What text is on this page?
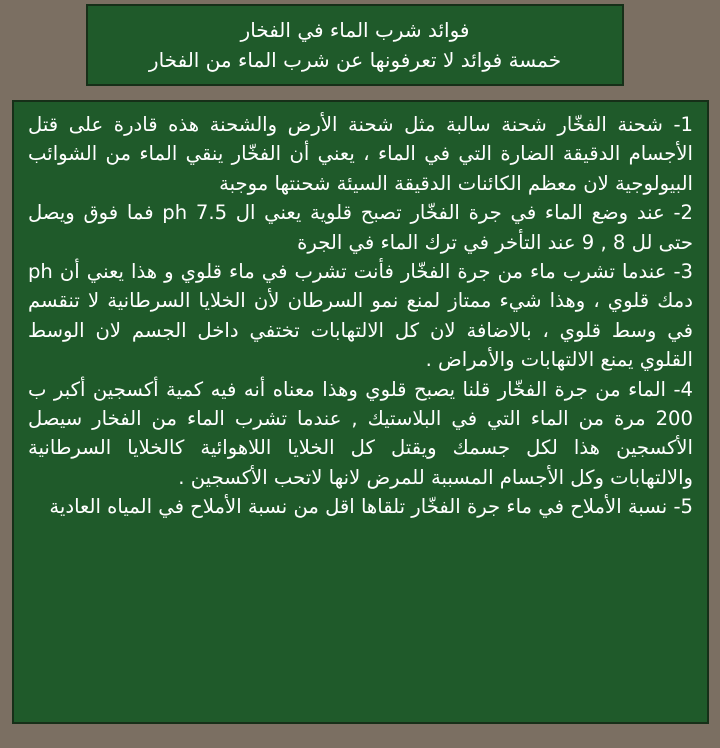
فوائد شرب الماء في الفخار
خمسة فوائد لا تعرفونها عن شرب الماء من الفخار

1- شحنة الفخّار شحنة سالبة مثل شحنة الأرض والشحنة هذه قادرة على قتل الأجسام الدقيقة الضارة التي في الماء ، يعني أن الفخّار ينقي الماء من الشوائب البيولوجية لان معظم الكائنات الدقيقة السيئة شحنتها موجبة

2- عند وضع الماء في جرة الفخّار تصبح قلوية يعني ال ph 7.5 فما فوق ويصل حتى لل 8 , 9 عند التأخر في ترك الماء في الجرة

3- عندما تشرب ماء من جرة الفخّار فأنت تشرب في ماء قلوي و هذا يعني أن ph دمك قلوي ، وهذا شيء ممتاز لمنع نمو السرطان لأن الخلايا السرطانية لا تنقسم في وسط قلوي ، بالاضافة لان كل الالتهابات تختفي داخل الجسم لان الوسط القلوي يمنع الالتهابات والأمراض .

4- الماء من جرة الفخّار قلنا يصبح قلوي وهذا معناه أنه فيه كمية أكسجين أكبر ب 200 مرة من الماء التي في البلاستيك , عندما تشرب الماء من الفخار سيصل الأكسجين هذا لكل جسمك ويقتل كل الخلايا اللاهوائية كالخلايا السرطانية والالتهابات وكل الأجسام المسببة للمرض لانها لاتحب الأكسجين .

5- نسبة الأملاح في ماء جرة الفخّار تلقاها اقل من نسبة الأملاح في المياه العادية
